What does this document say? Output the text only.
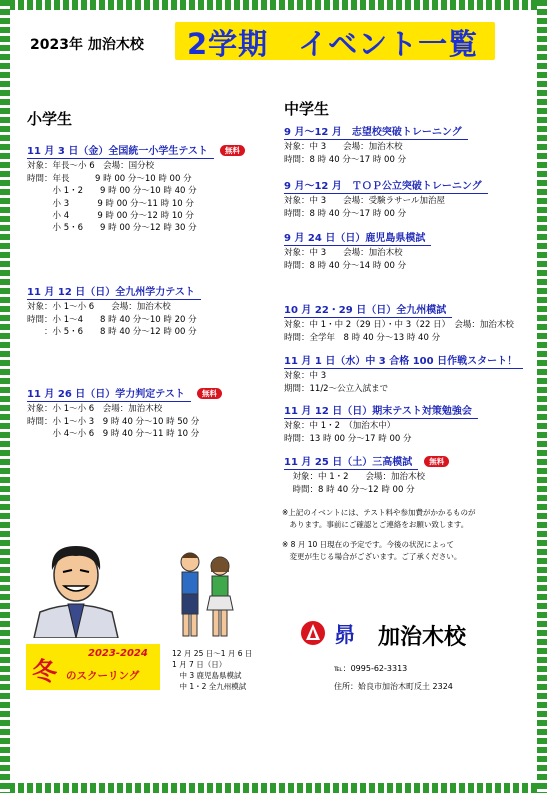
2023年 加治木校 2学期　イベント一覧
小学生
11 月 3 日（金）全国統一小学生テスト 無料
対象：年長～小 6　会場：国分校
時間：年長　　　9 時 00 分～10 時 00 分
　　　小 1・2　　9 時 00 分～10 時 40 分
　　　小 3　　　 9 時 00 分～11 時 10 分
　　　小 4　　　 9 時 00 分～12 時 10 分
　　　小 5・6　　9 時 00 分～12 時 30 分
11 月 12 日（日）全九州学力テスト
対象：小 1～小 6　　会場：加治木校
時間：小 1～4　　8 時 40 分～10 時 20 分
　　：小 5・6　　8 時 40 分～12 時 00 分
11 月 26 日（日）学力判定テスト 無料
対象：小 1～小 6　会場：加治木校
時間：小 1～小 3　9 時 40 分～10 時 50 分
　　　小 4～小 6　9 時 40 分～11 時 10 分
中学生
9 月～12 月　志望校突破トレーニング
対象：中 3　　会場：加治木校
時間：8 時 40 分～17 時 00 分
9 月～12 月　ＴＯＰ公立突破トレーニング
対象：中 3　　会場：受験ラサール加治屋
時間：8 時 40 分～17 時 00 分
9 月 24 日（日）鹿児島県模試
対象：中 3　　会場：加治木校
時間：8 時 40 分～14 時 00 分
10 月 22・29 日（日）全九州模試
対象：中 1・中 2（29 日）・中 3（22 日）　会場：加治木校
時間：全学年　8 時 40 分～13 時 40 分
11 月 1 日（水）中 3 合格 100 日作戦スタート！
対象：中 3
期間：11/2～公立入試まで
11 月 12 日（日）期末テスト対策勉強会
対象：中 1・2　（加治木中）
時間：13 時 00 分～17 時 00 分
11 月 25 日（土）三高模試 無料
　対象：中 1・2　　会場：加治木校
　時間：8 時 40 分～12 時 00 分
※上記のイベントには、テスト料や参加費がかかるものが
　あります。事前にご確認とご連絡をお願い致します。
※ 8 月 10 日現在の予定です。今後の状況によって
　変更が生じる場合がございます。ご了承ください。
冬
2023-2024
のスクーリング
12 月 25 日～1 月 6 日
1 月 7 日（日）
　中 3 鹿児島県模試
　中 1・2 全九州模試
昴 加治木校
℡：0995-62-3313
住所：姶良市加治木町反土 2324
